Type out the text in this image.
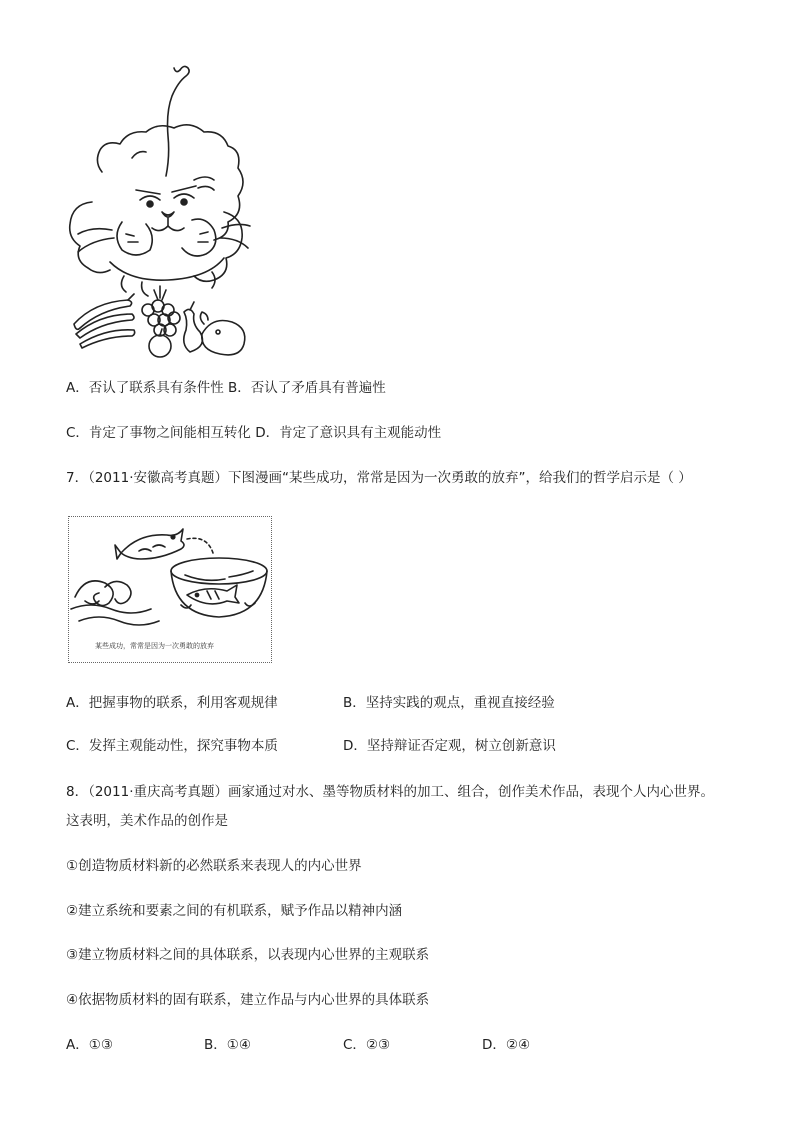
A．否认了联系具有条件性 B．否认了矛盾具有普遍性
C．肯定了事物之间能相互转化 D．肯定了意识具有主观能动性
7．（2011·安徽高考真题）下图漫画“某些成功，常常是因为一次勇敢的放弃”，给我们的哲学启示是（ ）
某些成功，常常是因为一次勇敢的放弃
A．把握事物的联系，利用客观规律	B．坚持实践的观点，重视直接经验
C．发挥主观能动性，探究事物本质	D．坚持辩证否定观，树立创新意识
8．（2011·重庆高考真题）画家通过对水、墨等物质材料的加工、组合，创作美术作品，表现个人内心世界。
这表明，美术作品的创作是
①创造物质材料新的必然联系来表现人的内心世界
②建立系统和要素之间的有机联系，赋予作品以精神内涵
③建立物质材料之间的具体联系，以表现内心世界的主观联系
④依据物质材料的固有联系，建立作品与内心世界的具体联系
A．①③	B．①④	C．②③	D．②④
